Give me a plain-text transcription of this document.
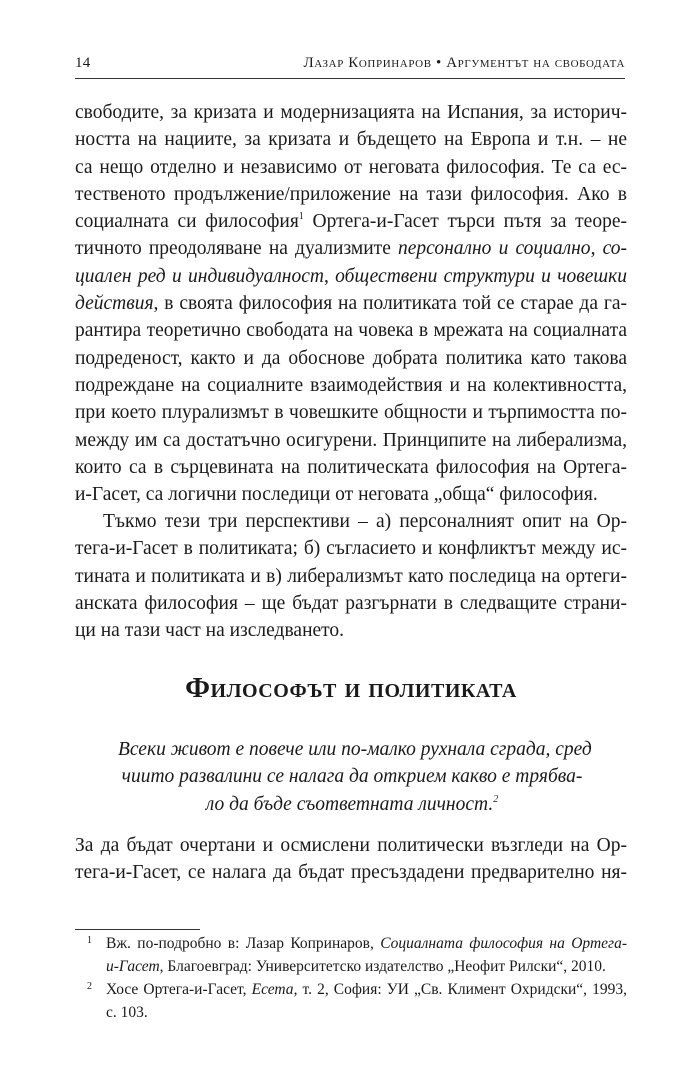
14	Лазар Копринаров • Аргументът на свободата
свободите, за кризата и модернизацията на Испания, за историч-
ността на нациите, за кризата и бъдещето на Европа и т.н. – не
са нещо отделно и независимо от неговата философия. Те са ес-
тественото продължение/приложение на тази философия. Ако в
социалната си философия$^1$ Ортега-и-Гасет търси пътя за теоре-
тичното преодоляване на дуализмите персонално и социално, со-
циален ред и индивидуалност, обществени структури и човешки
действия, в своята философия на политиката той се стараe да га-
рантира теоретично свободата на човека в мрежата на социалната
подреденост, както и да обоснове добрата политика като такова
подреждане на социалните взаимодействия и на колективността,
при което плурализмът в човешките общности и търпимостта по-
между им са достатъчно осигурени. Принципите на либерализма,
които са в сърцевината на политическата философия на Ортега-
и-Гасет, са логични последици от неговата „обща“ философия.
Тъкмо тези три перспективи – а) персоналният опит на Ор-
тега-и-Гасет в политиката; б) съгласието и конфликтът между ис-
тината и политиката и в) либерализмът като последица на ортеги-
анската философия – ще бъдат разгърнати в следващите страни-
ци на тази част на изследването.
Философът и политиката
Всеки живот е повече или по-малко рухнала сграда, сред
чиито развалини се налага да открием какво е трябва-
ло да бъде съответната личност.$^2$
За да бъдат очертани и осмислени политически възгледи на Ор-
тега-и-Гасет, се налага да бъдат пресъздадени предварително ня-
1 Вж. по-подробно в: Лазар Копринаров, Социалната философия на Ортега-
и-Гасет, Благоевград: Университетско издателство „Неофит Рилски“, 2010.
2 Хосе Ортега-и-Гасет, Есета, т. 2, София: УИ „Св. Климент Охридски“, 1993,
с. 103.
